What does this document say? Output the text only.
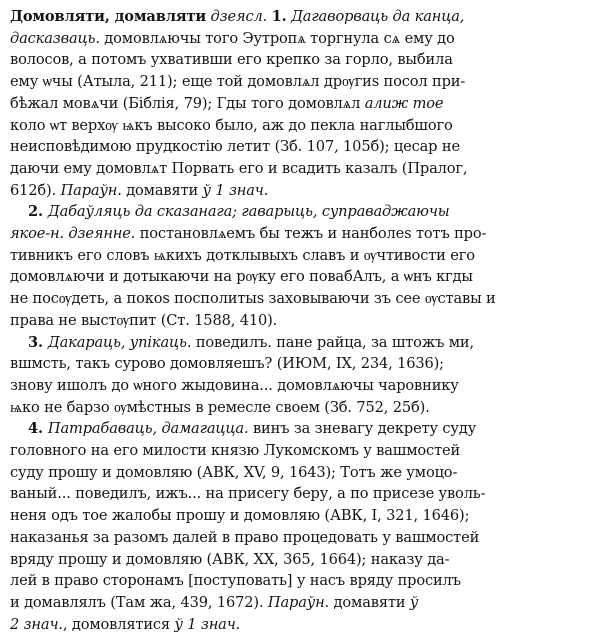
Домовляти, домавляти дзеясл. 1. Дагаворваць да канца,
дасказваць. домовлѧючы того Эутропѧ торгнула сѧ ему до
волосов, а потомъ ухвативши его крепко за горло, выбила
ему ѡчы (Атыла, 211); еще той домовлѧл дрѹгиѕ посол при-
бѣжал мовѧчи (Біблія, 79); Гды того домовлѧл алиж тое
коло ѡт верхѹ ѩкъ высоко было, аж до пекла наглыбшого
неисповѣдимою прудкостію летит (Зб. 107, 105б); цесар не
даючи ему домовлѧт Порвать его и всадить казалъ (Пралог,
612б). Параўн. домавяти ў 1 знач.
2. Дабаўляць да сказанага; гаварыць, суправаджаючы
якое-н. дзеянне. постановлѧемъ бы тежъ и нанболеѕ тотъ про-
тивникъ его словъ ѩкихъ дотклывыхъ славъ и ѹчтивости его
домовлѧючи и дотыкаючи на рѹку его повабАлъ, а ѡнъ кгды
не посѹдеть, а покоѕ посполитыѕ заховываючи зъ сее ѹставы и
права не выстѹпит (Ст. 1588, 410).
3. Дакараць, упікаць. поведилъ. пане райца, за штожъ ми,
вшмсть, такъ сурово домовляешъ? (ИЮМ, IX, 234, 1636);
знову ишолъ до ѡного жыдовина... домовлѧючы чаровнику
ѩко не барзо ѹмѣстныѕ в ремесле своем (Зб. 752, 25б).
4. Патрабаваць, дамагацца. винъ за зневагу декрету суду
головного на его милости князю Лукомскомъ у вашмостей
суду прошу и домовляю (АВК, XV, 9, 1643); Тотъ же умоцо-
ваный... поведилъ, ижъ... на присегу беру, а по присезе уволь-
неня одъ тое жалобы прошу и домовляю (АВК, I, 321, 1646);
наказанья за разомъ далей в право процедовать у вашмостей
вряду прошу и домовляю (АВК, XX, 365, 1664); наказу да-
лей в право сторонамъ [поступовать] у насъ вряду просилъ
и домавлялъ (Там жа, 439, 1672). Параўн. домавяти ў
2 знач., домовлятися ў 1 знач.
